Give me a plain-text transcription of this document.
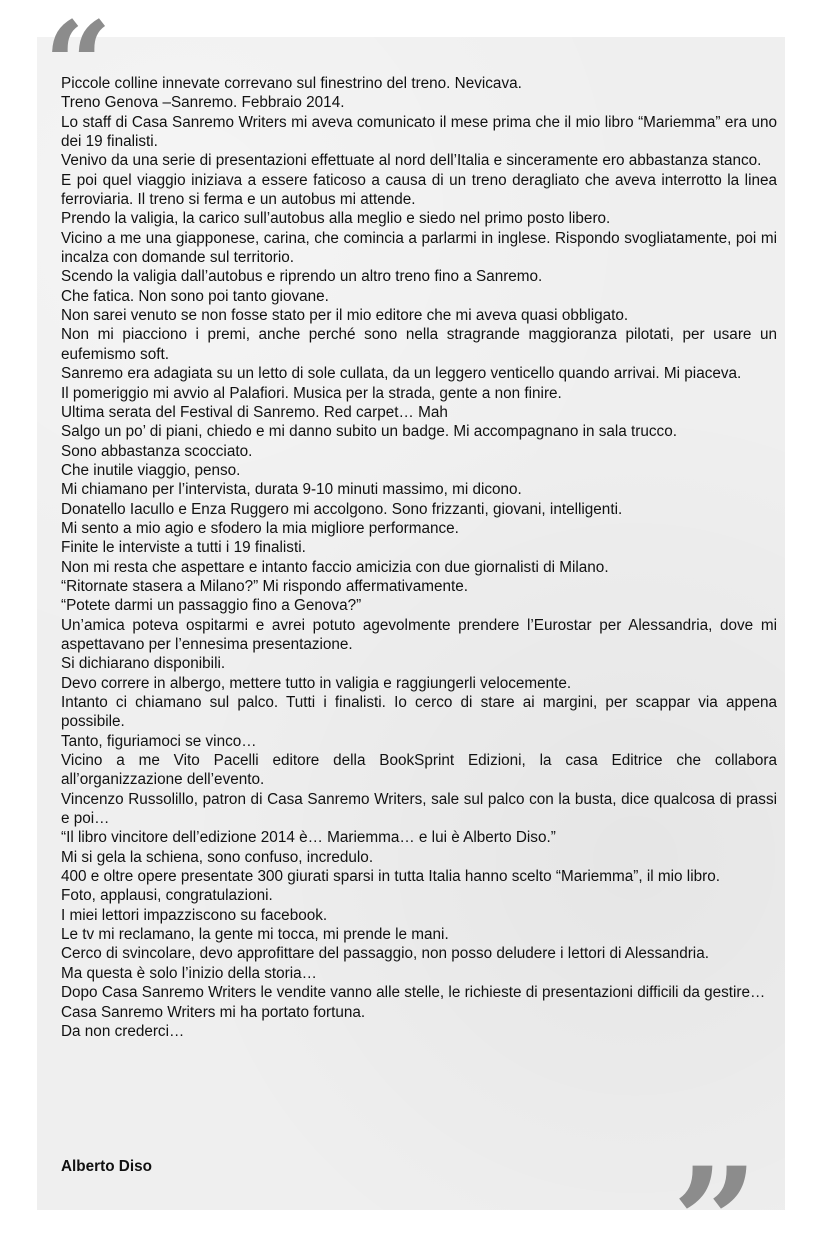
“

Piccole colline innevate correvano sul finestrino del treno. Nevicava.

Treno Genova –Sanremo. Febbraio 2014.

Lo staff di Casa Sanremo Writers mi aveva comunicato il mese prima che il mio libro “Mariemma” era uno dei 19 finalisti.

Venivo da una serie di presentazioni effettuate al nord dell’Italia e sinceramente ero abbastanza stanco.

E poi quel viaggio iniziava a essere faticoso a causa di un treno deragliato che aveva interrotto la linea ferroviaria. Il treno si ferma e un autobus mi attende.

Prendo la valigia, la carico sull’autobus alla meglio e siedo nel primo posto libero.

Vicino a me una giapponese, carina, che comincia a parlarmi in inglese. Rispondo svogliatamente, poi mi incalza con domande sul territorio.

Scendo la valigia dall’autobus e riprendo un altro treno fino a Sanremo.

Che fatica. Non sono poi tanto giovane.

Non sarei venuto se non fosse stato per il mio editore che mi aveva quasi obbligato.

Non mi piacciono i premi, anche perché sono nella stragrande maggioranza pilotati, per usare un eufemismo soft.

Sanremo era adagiata su un letto di sole cullata, da un leggero venticello quando arrivai. Mi piaceva.

Il pomeriggio mi avvio al Palafiori. Musica per la strada, gente a non finire.

Ultima serata del Festival di Sanremo. Red carpet… Mah

Salgo un po’ di piani, chiedo e mi danno subito un badge. Mi accompagnano in sala trucco.

Sono abbastanza scocciato.

Che inutile viaggio, penso.

Mi chiamano per l’intervista, durata 9-10 minuti massimo, mi dicono.

Donatello Iacullo e Enza Ruggero mi accolgono. Sono frizzanti, giovani, intelligenti.

Mi sento a mio agio e sfodero la mia migliore performance.

Finite le interviste a tutti i 19 finalisti.

Non mi resta che aspettare e intanto faccio amicizia con due giornalisti di Milano.

“Ritornate stasera a Milano?” Mi rispondo affermativamente.

“Potete darmi un passaggio fino a Genova?”

Un’amica poteva ospitarmi e avrei potuto agevolmente prendere l’Eurostar per Alessandria, dove mi aspettavano per l’ennesima presentazione.

Si dichiarano disponibili.

Devo correre in albergo, mettere tutto in valigia e raggiungerli velocemente.

Intanto ci chiamano sul palco. Tutti i finalisti. Io cerco di stare ai margini, per scappar via appena possibile.

Tanto, figuriamoci se vinco…

Vicino a me Vito Pacelli editore della BookSprint Edizioni, la casa Editrice che collabora all’organizzazione dell’evento.

Vincenzo Russolillo, patron di Casa Sanremo Writers, sale sul palco con la busta, dice qualcosa di prassi e poi…

“Il libro vincitore dell’edizione 2014 è… Mariemma… e lui è Alberto Diso.”

Mi si gela la schiena, sono confuso, incredulo.

400 e oltre opere presentate 300 giurati sparsi in tutta Italia hanno scelto “Mariemma”, il mio libro.

Foto, applausi, congratulazioni.

I miei lettori impazziscono su facebook.

Le tv mi reclamano, la gente mi tocca, mi prende le mani.

Cerco di svincolare, devo approfittare del passaggio, non posso deludere i lettori di Alessandria.

Ma questa è solo l’inizio della storia…

Dopo Casa Sanremo Writers le vendite vanno alle stelle, le richieste di presentazioni difficili da gestire…

Casa Sanremo Writers mi ha portato fortuna.

Da non crederci…

Alberto Diso	”
